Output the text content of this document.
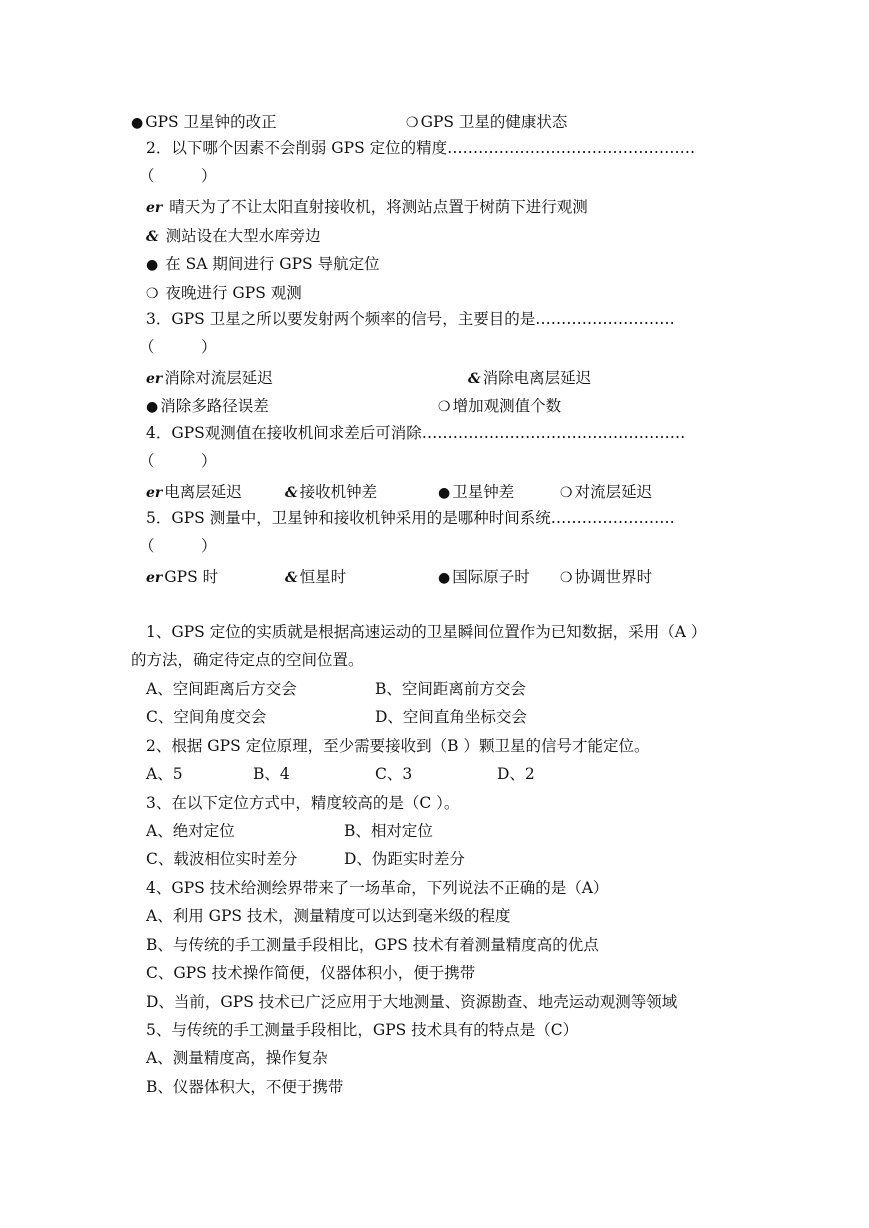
● GPS 卫星钟的改正	❍ GPS 卫星的健康状态
2．以下哪个因素不会削弱 GPS 定位的精度…………………………………………
（　　　）
er 晴天为了不让太阳直射接收机，将测站点置于树荫下进行观测
& 测站设在大型水库旁边
● 在 SA 期间进行 GPS 导航定位
❍ 夜晚进行 GPS 观测
3．GPS 卫星之所以要发射两个频率的信号，主要目的是………………………
（　　　）
er 消除对流层延迟	& 消除电离层延迟
● 消除多路径误差	❍ 增加观测值个数
4．GPS观测值在接收机间求差后可消除……………………………………………
（　　　）
er 电离层延迟	& 接收机钟差	● 卫星钟差	❍ 对流层延迟
5．GPS 测量中，卫星钟和接收机钟采用的是哪种时间系统……………………
（　　　）
er GPS 时	& 恒星时	● 国际原子时 ❍ 协调世界时
1、GPS 定位的实质就是根据高速运动的卫星瞬间位置作为已知数据，采用（A ）
的方法，确定待定点的空间位置。
A、空间距离后方交会	B、空间距离前方交会
C、空间角度交会	D、空间直角坐标交会
2、根据 GPS 定位原理，至少需要接收到（B ）颗卫星的信号才能定位。
A、5	B、4	C、3	D、2
3、在以下定位方式中，精度较高的是（C ）。
A、绝对定位	B、相对定位
C、载波相位实时差分	D、伪距实时差分
4、GPS 技术给测绘界带来了一场革命，下列说法不正确的是（A）
A、利用 GPS 技术，测量精度可以达到毫米级的程度
B、与传统的手工测量手段相比，GPS 技术有着测量精度高的优点
C、GPS 技术操作简便，仪器体积小，便于携带
D、当前，GPS 技术已广泛应用于大地测量、资源勘查、地壳运动观测等领域
5、与传统的手工测量手段相比，GPS 技术具有的特点是（C）
A、测量精度高，操作复杂
B、仪器体积大，不便于携带
